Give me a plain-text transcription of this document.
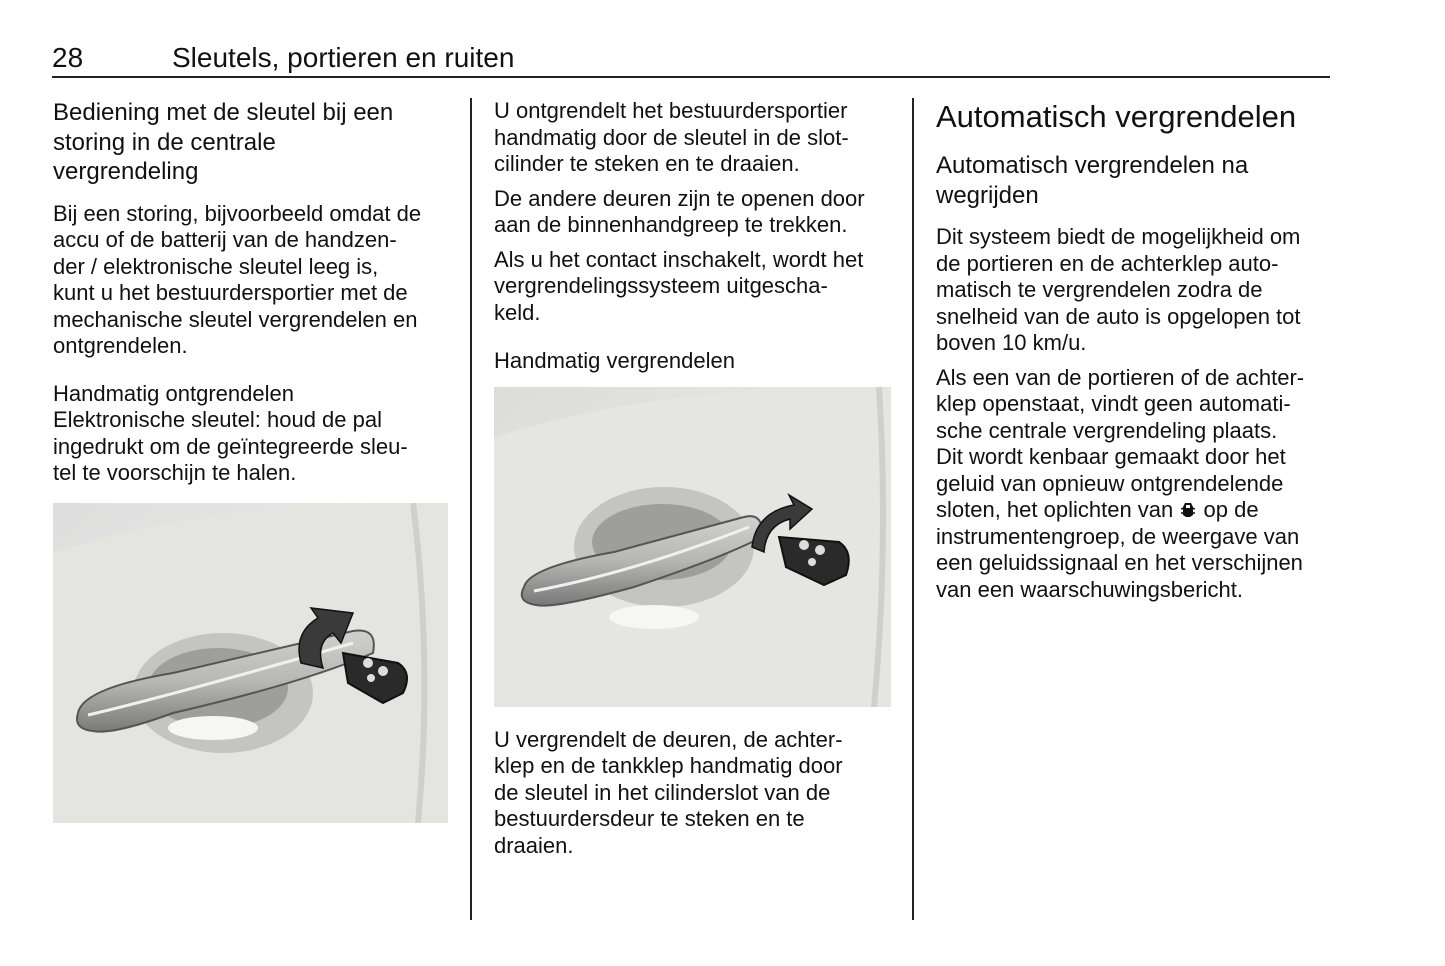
28	Sleutels, portieren en ruiten
Bediening met de sleutel bij een
storing in de centrale
vergrendeling

Bij een storing, bijvoorbeeld omdat de
accu of de batterij van de handzen-
der / elektronische sleutel leeg is,
kunt u het bestuurdersportier met de
mechanische sleutel vergrendelen en
ontgrendelen.

Handmatig ontgrendelen

Elektronische sleutel: houd de pal
ingedrukt om de geïntegreerde sleu-
tel te voorschijn te halen.

U ontgrendelt het bestuurdersportier
handmatig door de sleutel in de slot-
cilinder te steken en te draaien.

De andere deuren zijn te openen door
aan de binnenhandgreep te trekken.

Als u het contact inschakelt, wordt het
vergrendelingssysteem uitgescha-
keld.

Handmatig vergrendelen

U vergrendelt de deuren, de achter-
klep en de tankklep handmatig door
de sleutel in het cilinderslot van de
bestuurdersdeur te steken en te
draaien.

Automatisch vergrendelen
Automatisch vergrendelen na
wegrijden

Dit systeem biedt de mogelijkheid om
de portieren en de achterklep auto-
matisch te vergrendelen zodra de
snelheid van de auto is opgelopen tot
boven 10 km/u.

Als een van de portieren of de achter-
klep openstaat, vindt geen automati-
sche centrale vergrendeling plaats.
Dit wordt kenbaar gemaakt door het
geluid van opnieuw ontgrendelende
sloten, het oplichten van op de
instrumentengroep, de weergave van
een geluidssignaal en het verschijnen
van een waarschuwingsbericht.
